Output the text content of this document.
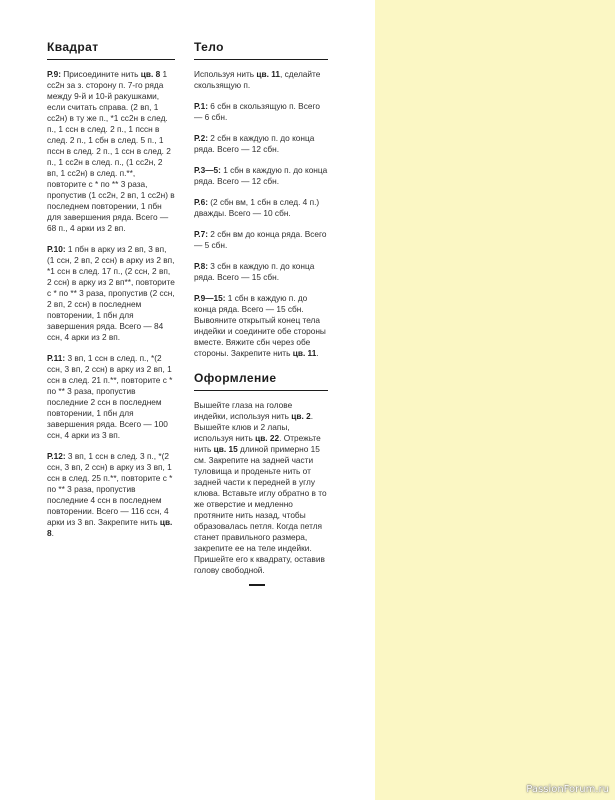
Квадрат

Р.9: Присоедините нить цв. 8 1 сс2н за з. сторону п. 7-го ряда между 9-й и 10-й ракушками, если считать справа. (2 вп, 1 сс2н) в ту же п., *1 сс2н в след. п., 1 ссн в след. 2 п., 1 пссн в след. 2 п., 1 сбн в след. 5 п., 1 пссн в след. 2 п., 1 ссн в след. 2 п., 1 сс2н в след. п., (1 сс2н, 2 вп, 1 сс2н) в след. п.**, повторите с * по ** 3 раза, пропустив (1 сс2н, 2 вп, 1 сс2н) в последнем повторении, 1 пбн для завершения ряда. Всего — 68 п., 4 арки из 2 вп.

Р.10: 1 пбн в арку из 2 вп, 3 вп, (1 ссн, 2 вп, 2 ссн) в арку из 2 вп, *1 ссн в след. 17 п., (2 ссн, 2 вп, 2 ссн) в арку из 2 вп**, повторите с * по ** 3 раза, пропустив (2 ссн, 2 вп, 2 ссн) в последнем повторении, 1 пбн для завершения ряда. Всего — 84 ссн, 4 арки из 2 вп.

Р.11: 3 вп, 1 ссн в след. п., *(2 ссн, 3 вп, 2 ссн) в арку из 2 вп, 1 ссн в след. 21 п.**, повторите с * по ** 3 раза, пропустив последние 2 ссн в последнем повторении, 1 пбн для завершения ряда. Всего — 100 ссн, 4 арки из 3 вп.

Р.12: 3 вп, 1 ссн в след. 3 п., *(2 ссн, 3 вп, 2 ссн) в арку из 3 вп, 1 ссн в след. 25 п.**, повторите с * по ** 3 раза, пропустив последние 4 ссн в последнем повторении. Всего — 116 ссн, 4 арки из 3 вп. Закрепите нить цв. 8.

Тело

Используя нить цв. 11, сделайте скользящую п.

Р.1: 6 сбн в скользящую п. Всего — 6 сбн.

Р.2: 2 сбн в каждую п. до конца ряда. Всего — 12 сбн.

Р.3—5: 1 сбн в каждую п. до конца ряда. Всего — 12 сбн.

Р.6: (2 сбн вм, 1 сбн в след. 4 п.) дважды. Всего — 10 сбн.

Р.7: 2 сбн вм до конца ряда. Всего — 5 сбн.

Р.8: 3 сбн в каждую п. до конца ряда. Всего — 15 сбн.

Р.9—15: 1 сбн в каждую п. до конца ряда. Всего — 15 сбн. Вывояните открытый конец тела индейки и соедините обе стороны вместе. Вяжите сбн через обе стороны. Закрепите нить цв. 11.

Оформление

Вышейте глаза на голове индейки, используя нить цв. 2. Вышейте клюв и 2 лапы, используя нить цв. 22. Отрежьте нить цв. 15 длиной примерно 15 см. Закрепите на задней части туловища и проденьте нить от задней части к передней в углу клюва. Вставьте иглу обратно в то же отверстие и медленно протяните нить назад, чтобы образовалась петля. Когда петля станет правильного размера, закрепите ее на теле индейки. Пришейте его к квадрату, оставив голову свободной.

PassionForum.ru
